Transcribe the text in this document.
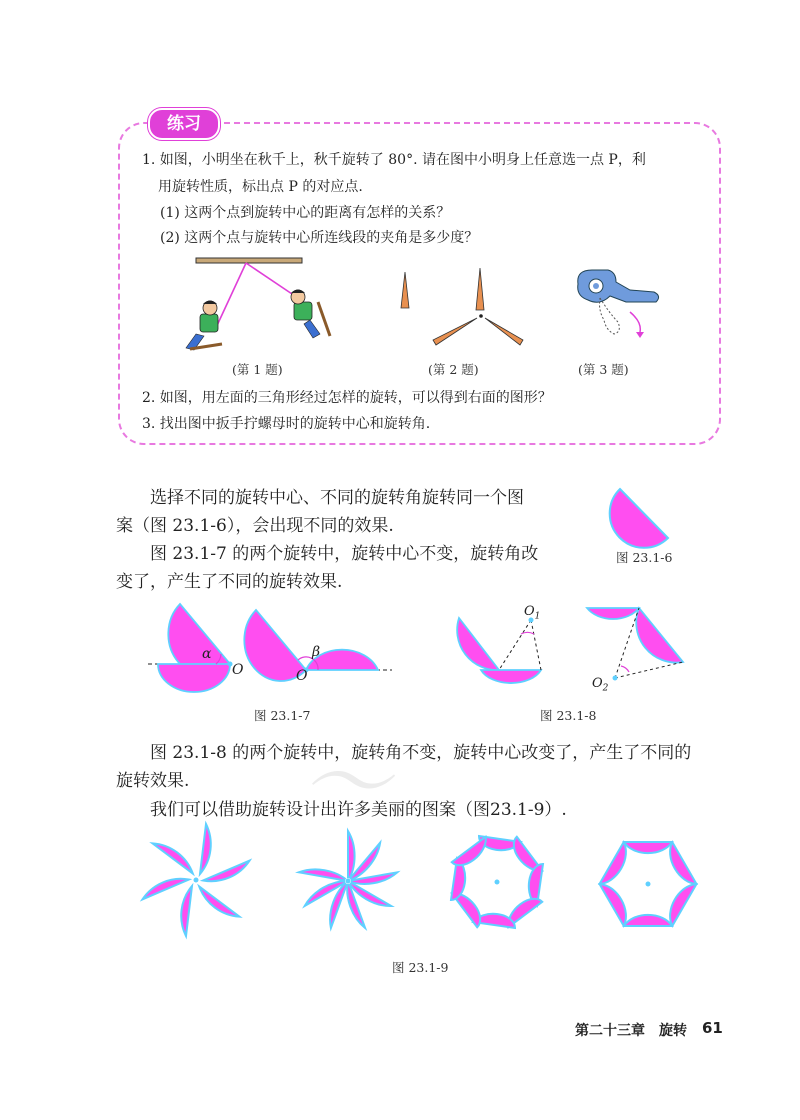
〜
练习
1. 如图，小明坐在秋千上，秋千旋转了 80°. 请在图中小明身上任意选一点 P，利
用旋转性质，标出点 P 的对应点.
(1) 这两个点到旋转中心的距离有怎样的关系？
(2) 这两个点与旋转中心所连线段的夹角是多少度？
(第 1 题)	(第 2 题)	(第 3 题)
2. 如图，用左面的三角形经过怎样的旋转，可以得到右面的图形？
3. 找出图中扳手拧螺母时的旋转中心和旋转角.
选择不同的旋转中心、不同的旋转角旋转同一个图
案（图 23.1-6），会出现不同的效果.
图 23.1-7 的两个旋转中，旋转中心不变，旋转角改
变了，产生了不同的旋转效果.
图 23.1-6
α
O
β
O
图 23.1-7
$O_1$
$O_2$
图 23.1-8
图 23.1-8 的两个旋转中，旋转角不变，旋转中心改变了，产生了不同的
旋转效果.
我们可以借助旋转设计出许多美丽的图案（图23.1-9）.
图 23.1-9
第二十三章　旋转 61
